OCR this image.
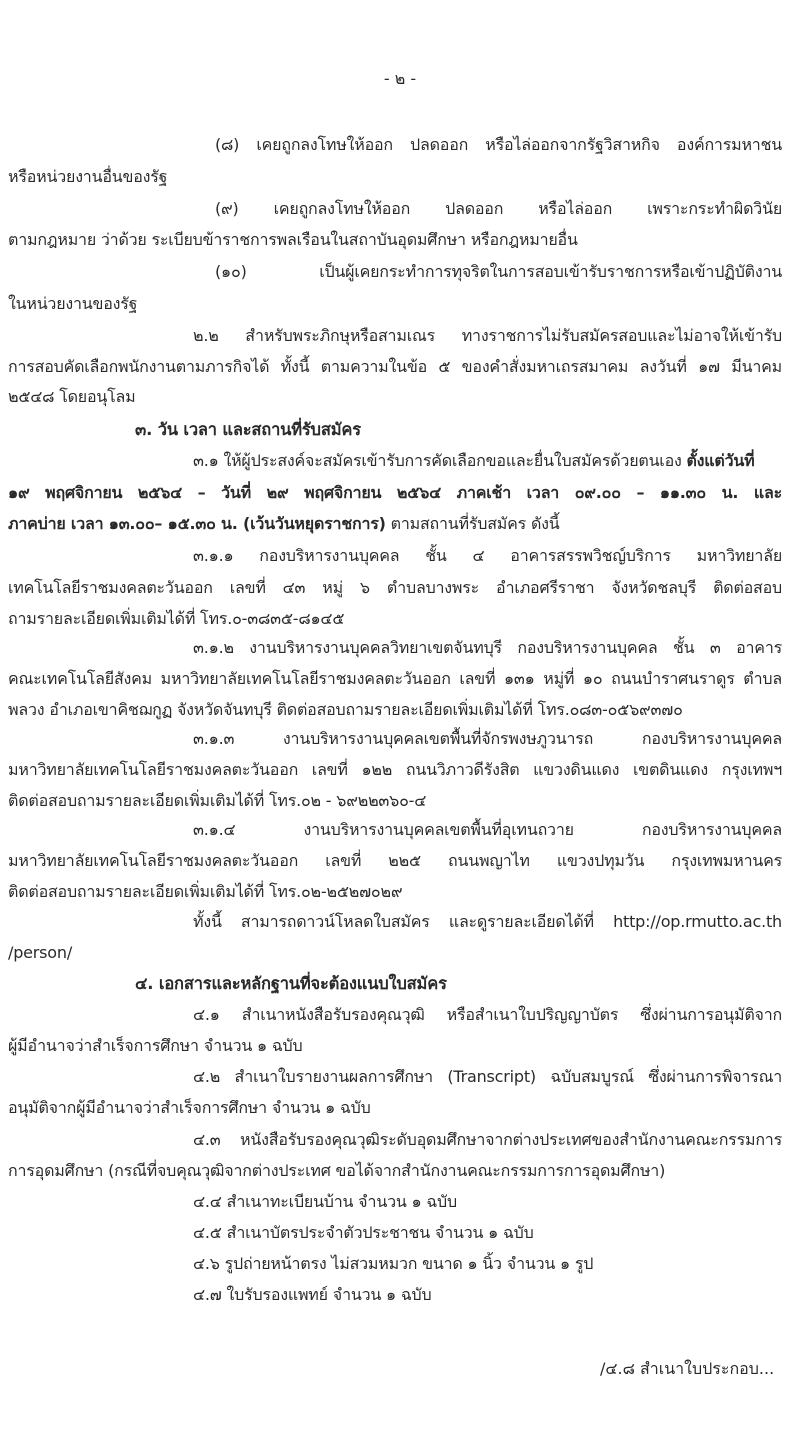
- ๒ -
(๘) เคยถูกลงโทษให้ออก ปลดออก หรือไล่ออกจากรัฐวิสาหกิจ องค์การมหาชน
หรือหน่วยงานอื่นของรัฐ
(๙) เคยถูกลงโทษให้ออก ปลดออก หรือไล่ออก เพราะกระทำผิดวินัย
ตามกฎหมาย ว่าด้วย ระเบียบข้าราชการพลเรือนในสถาบันอุดมศึกษา หรือกฎหมายอื่น
(๑๐) เป็นผู้เคยกระทำการทุจริตในการสอบเข้ารับราชการหรือเข้าปฏิบัติงาน
ในหน่วยงานของรัฐ
๒.๒ สำหรับพระภิกษุหรือสามเณร ทางราชการไม่รับสมัครสอบและไม่อาจให้เข้ารับ
การสอบคัดเลือกพนักงานตามภารกิจได้ ทั้งนี้ ตามความในข้อ ๕ ของคำสั่งมหาเถรสมาคม ลงวันที่ ๑๗ มีนาคม
๒๕๔๘ โดยอนุโลม
๓. วัน เวลา และสถานที่รับสมัคร
๓.๑ ให้ผู้ประสงค์จะสมัครเข้ารับการคัดเลือกขอและยื่นใบสมัครด้วยตนเอง ตั้งแต่วันที่
๑๙ พฤศจิกายน ๒๕๖๔ – วันที่ ๒๙ พฤศจิกายน ๒๕๖๔ ภาคเช้า เวลา ๐๙.๐๐ – ๑๑.๓๐ น. และ
ภาคบ่าย เวลา ๑๓.๐๐– ๑๕.๓๐ น. (เว้นวันหยุดราชการ) ตามสถานที่รับสมัคร ดังนี้
๓.๑.๑ กองบริหารงานบุคคล ชั้น ๔ อาคารสรรพวิชญ์บริการ มหาวิทยาลัย
เทคโนโลยีราชมงคลตะวันออก เลขที่ ๔๓ หมู่ ๖ ตำบลบางพระ อำเภอศรีราชา จังหวัดชลบุรี ติดต่อสอบ
ถามรายละเอียดเพิ่มเติมได้ที่ โทร.๐-๓๘๓๕-๘๑๔๕
๓.๑.๒ งานบริหารงานบุคคลวิทยาเขตจันทบุรี กองบริหารงานบุคคล ชั้น ๓ อาคาร
คณะเทคโนโลยีสังคม มหาวิทยาลัยเทคโนโลยีราชมงคลตะวันออก เลขที่ ๑๓๑ หมู่ที่ ๑๐ ถนนบำราศนราดูร ตำบล
พลวง อำเภอเขาคิชฌกูฏ จังหวัดจันทบุรี ติดต่อสอบถามรายละเอียดเพิ่มเติมได้ที่ โทร.๐๘๓-๐๕๖๙๓๗๐
๓.๑.๓ งานบริหารงานบุคคลเขตพื้นที่จักรพงษภูวนารถ กองบริหารงานบุคคล
มหาวิทยาลัยเทคโนโลยีราชมงคลตะวันออก เลขที่ ๑๒๒ ถนนวิภาวดีรังสิต แขวงดินแดง เขตดินแดง กรุงเทพฯ
ติดต่อสอบถามรายละเอียดเพิ่มเติมได้ที่ โทร.๐๒ - ๖๙๒๒๓๖๐-๔
๓.๑.๔ งานบริหารงานบุคคลเขตพื้นที่อุเทนถวาย กองบริหารงานบุคคล
มหาวิทยาลัยเทคโนโลยีราชมงคลตะวันออก เลขที่ ๒๒๕ ถนนพญาไท แขวงปทุมวัน กรุงเทพมหานคร
ติดต่อสอบถามรายละเอียดเพิ่มเติมได้ที่ โทร.๐๒-๒๕๒๗๐๒๙
ทั้งนี้ สามารถดาวน์โหลดใบสมัคร และดูรายละเอียดได้ที่ http://op.rmutto.ac.th
/person/
๔. เอกสารและหลักฐานที่จะต้องแนบใบสมัคร
๔.๑ สำเนาหนังสือรับรองคุณวุฒิ หรือสำเนาใบปริญญาบัตร ซึ่งผ่านการอนุมัติจาก
ผู้มีอำนาจว่าสำเร็จการศึกษา จำนวน ๑ ฉบับ
๔.๒ สำเนาใบรายงานผลการศึกษา (Transcript) ฉบับสมบูรณ์ ซึ่งผ่านการพิจารณา
อนุมัติจากผู้มีอำนาจว่าสำเร็จการศึกษา จำนวน ๑ ฉบับ
๔.๓ หนังสือรับรองคุณวุฒิระดับอุดมศึกษาจากต่างประเทศของสำนักงานคณะกรรมการ
การอุดมศึกษา (กรณีที่จบคุณวุฒิจากต่างประเทศ ขอได้จากสำนักงานคณะกรรมการการอุดมศึกษา)
๔.๔ สำเนาทะเบียนบ้าน จำนวน ๑ ฉบับ
๔.๕ สำเนาบัตรประจำตัวประชาชน จำนวน ๑ ฉบับ
๔.๖ รูปถ่ายหน้าตรง ไม่สวมหมวก ขนาด ๑ นิ้ว จำนวน ๑ รูป
๔.๗ ใบรับรองแพทย์ จำนวน ๑ ฉบับ
/๔.๘ สำเนาใบประกอบ...
